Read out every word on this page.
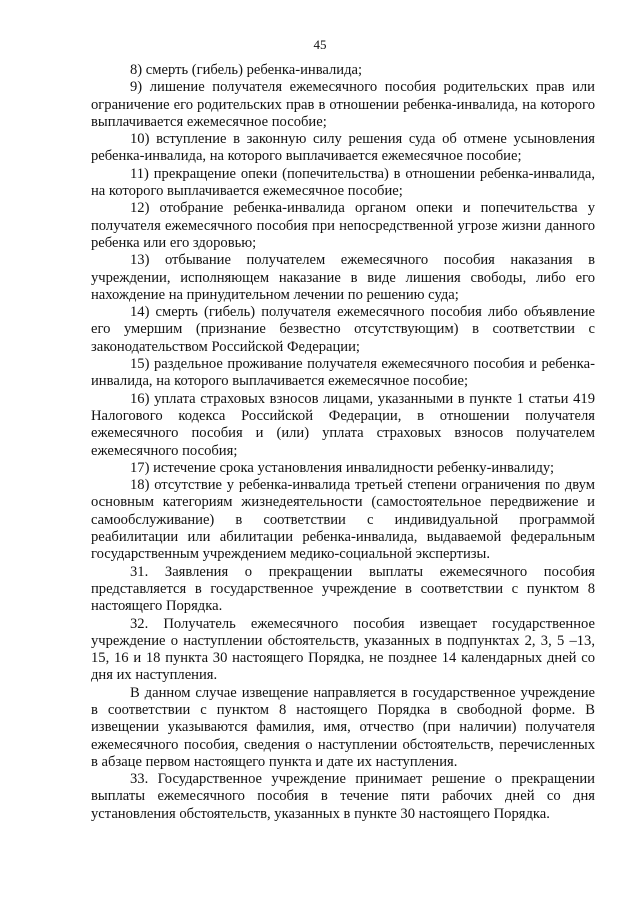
45

8) смерть (гибель) ребенка-инвалида;

9) лишение получателя ежемесячного пособия родительских прав или ограничение его родительских прав в отношении ребенка-инвалида, на которого выплачивается ежемесячное пособие;

10) вступление в законную силу решения суда об отмене усыновления ребенка-инвалида, на которого выплачивается ежемесячное пособие;

11) прекращение опеки (попечительства) в отношении ребенка-инвалида, на которого выплачивается ежемесячное пособие;

12) отобрание ребенка-инвалида органом опеки и попечительства у получателя ежемесячного пособия при непосредственной угрозе жизни данного ребенка или его здоровью;

13) отбывание получателем ежемесячного пособия наказания в учреждении, исполняющем наказание в виде лишения свободы, либо его нахождение на принудительном лечении по решению суда;

14) смерть (гибель) получателя ежемесячного пособия либо объявление его умершим (признание безвестно отсутствующим) в соответствии с законодательством Российской Федерации;

15) раздельное проживание получателя ежемесячного пособия и ребенка-инвалида, на которого выплачивается ежемесячное пособие;

16) уплата страховых взносов лицами, указанными в пункте 1 статьи 419 Налогового кодекса Российской Федерации, в отношении получателя ежемесячного пособия и (или) уплата страховых взносов получателем ежемесячного пособия;

17) истечение срока установления инвалидности ребенку-инвалиду;

18) отсутствие у ребенка-инвалида третьей степени ограничения по двум основным категориям жизнедеятельности (самостоятельное передвижение и самообслуживание) в соответствии с индивидуальной программой реабилитации или абилитации ребенка-инвалида, выдаваемой федеральным государственным учреждением медико-социальной экспертизы.

31. Заявления о прекращении выплаты ежемесячного пособия представляется в государственное учреждение в соответствии с пунктом 8 настоящего Порядка.

32. Получатель ежемесячного пособия извещает государственное учреждение о наступлении обстоятельств, указанных в подпунктах 2, 3, 5 –13, 15, 16 и 18 пункта 30 настоящего Порядка, не позднее 14 календарных дней со дня их наступления.

В данном случае извещение направляется в государственное учреждение в соответствии с пунктом 8 настоящего Порядка в свободной форме. В извещении указываются фамилия, имя, отчество (при наличии) получателя ежемесячного пособия, сведения о наступлении обстоятельств, перечисленных в абзаце первом настоящего пункта и дате их наступления.

33. Государственное учреждение принимает решение о прекращении выплаты ежемесячного пособия в течение пяти рабочих дней со дня установления обстоятельств, указанных в пункте 30 настоящего Порядка.
